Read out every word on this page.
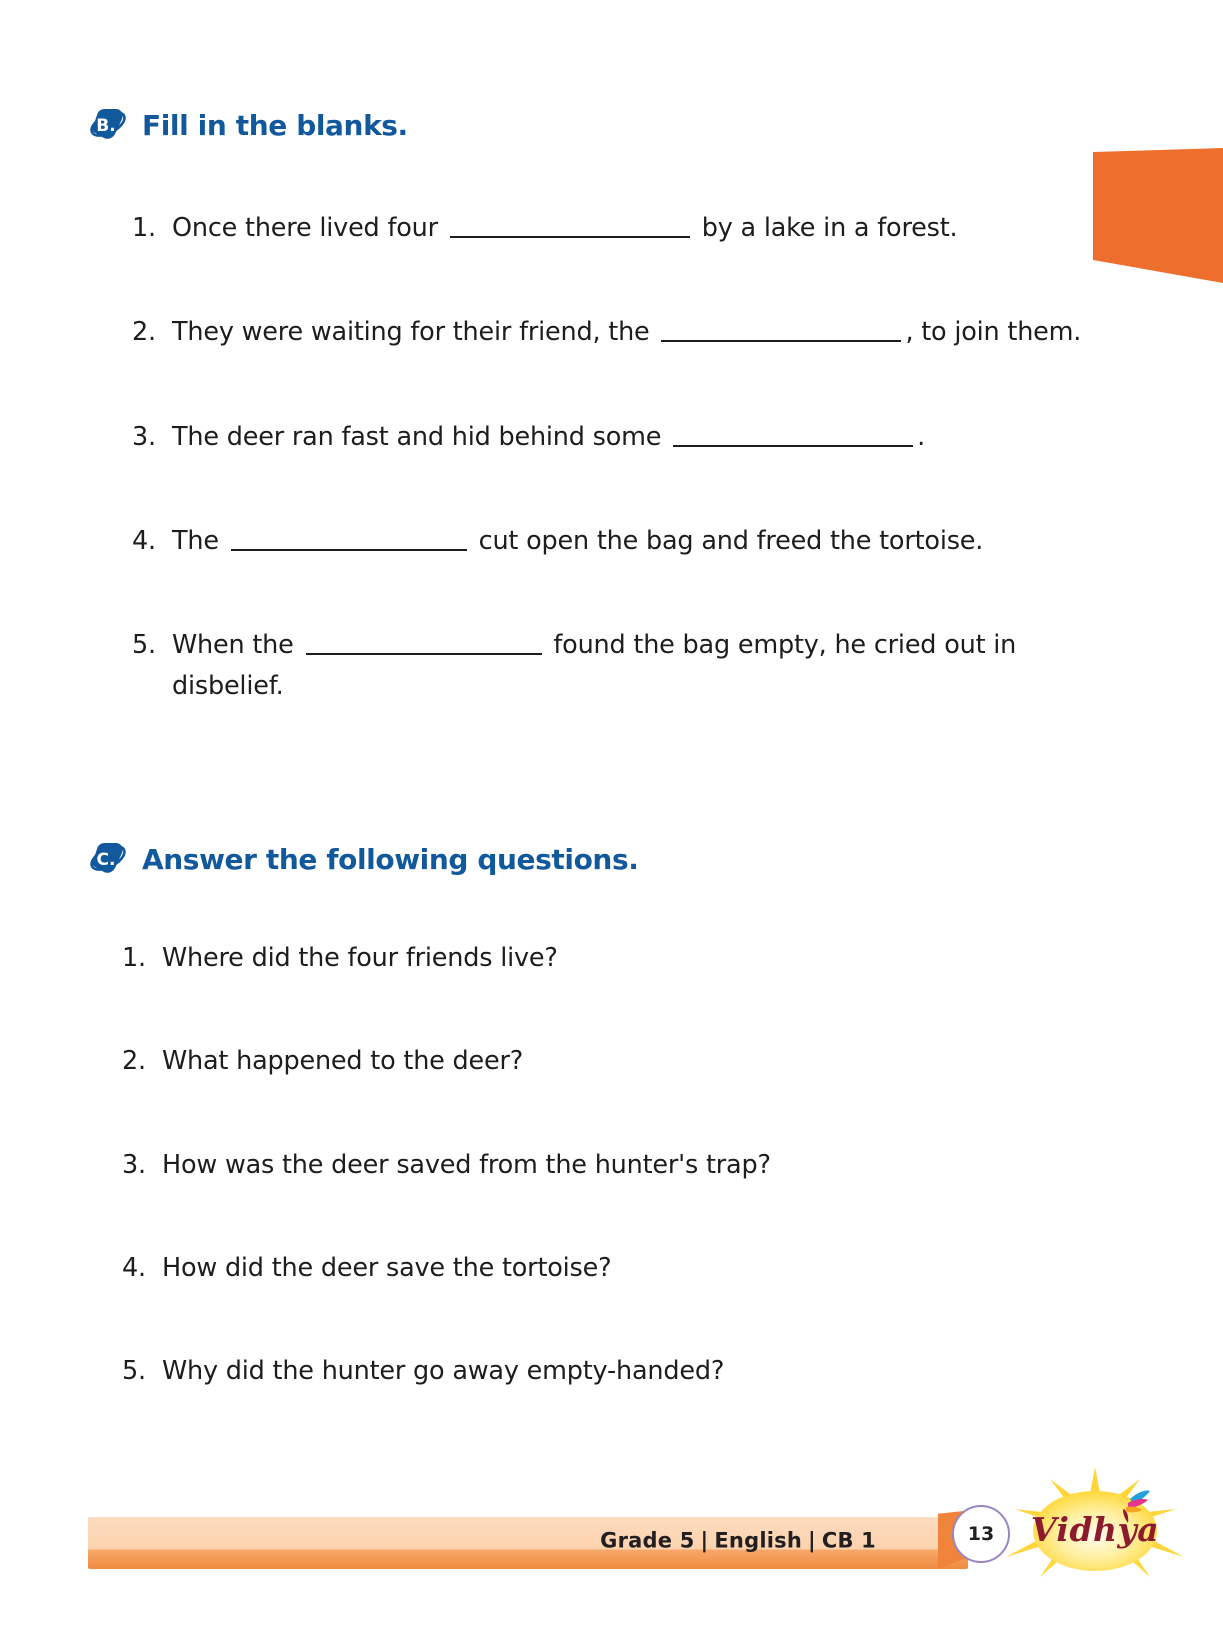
B. Fill in the blanks.
1. Once there lived four	by a lake in a forest.
2. They were waiting for their friend, the	, to join them.
3. The deer ran fast and hid behind some	.
4. The	cut open the bag and freed the tortoise.
5. When the	found the bag empty, he cried out in disbelief.
C. Answer the following questions.
1. Where did the four friends live?
2. What happened to the deer?
3. How was the deer saved from the hunter's trap?
4. How did the deer save the tortoise?
5. Why did the hunter go away empty-handed?
Grade 5 | English | CB 1	13	Vidhya
